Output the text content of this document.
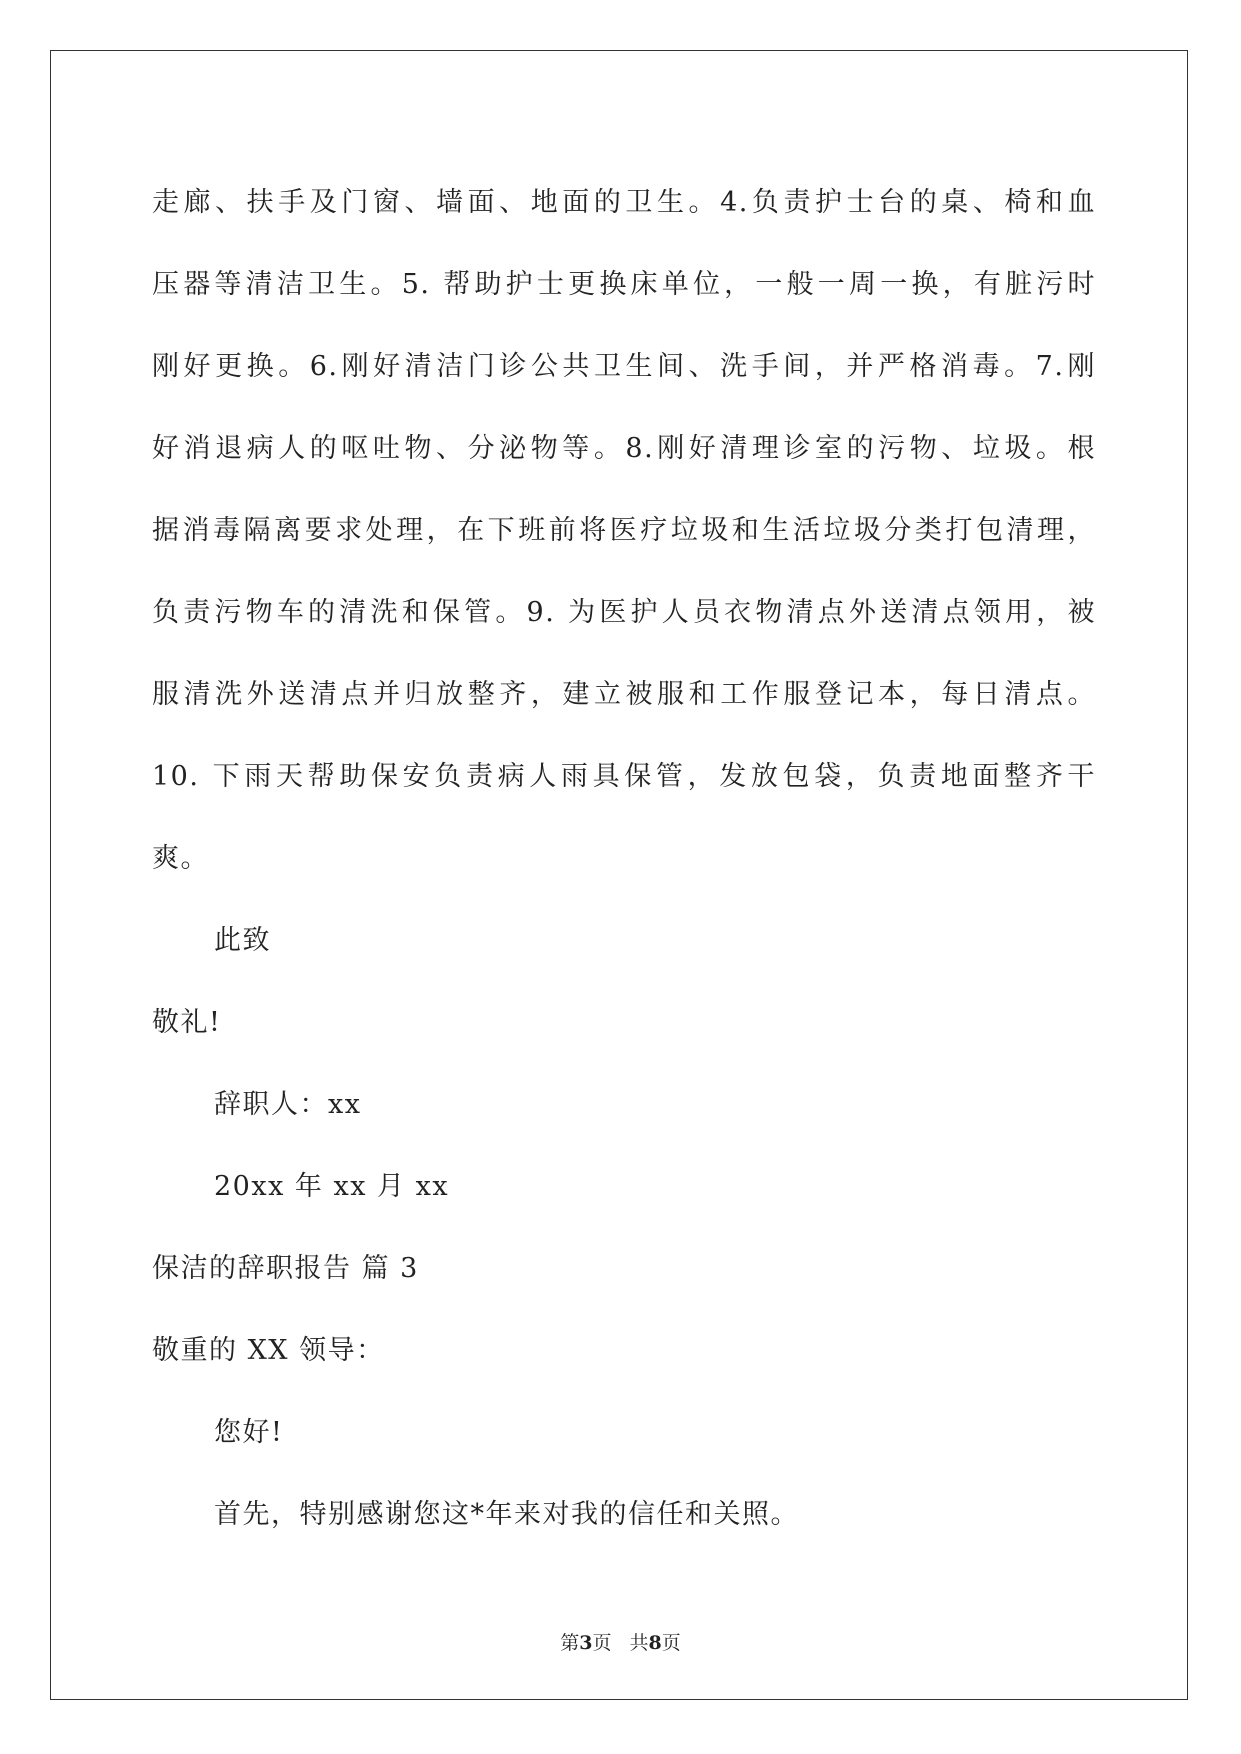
走廊、扶手及门窗、墙面、地面的卫生。4.负责护士台的桌、椅和血
压器等清洁卫生。5. 帮助护士更换床单位，一般一周一换，有脏污时
刚好更换。6.刚好清洁门诊公共卫生间、洗手间，并严格消毒。7.刚
好消退病人的呕吐物、分泌物等。8.刚好清理诊室的污物、垃圾。根
据消毒隔离要求处理，在下班前将医疗垃圾和生活垃圾分类打包清理，
负责污物车的清洗和保管。9. 为医护人员衣物清点外送清点领用，被
服清洗外送清点并归放整齐，建立被服和工作服登记本，每日清点。
10. 下雨天帮助保安负责病人雨具保管，发放包袋，负责地面整齐干
爽。
此致
敬礼!
辞职人：xx
20xx 年 xx 月 xx
保洁的辞职报告 篇 3
敬重的 XX 领导：
您好!
首先，特别感谢您这*年来对我的信任和关照。
第3页 共8页
